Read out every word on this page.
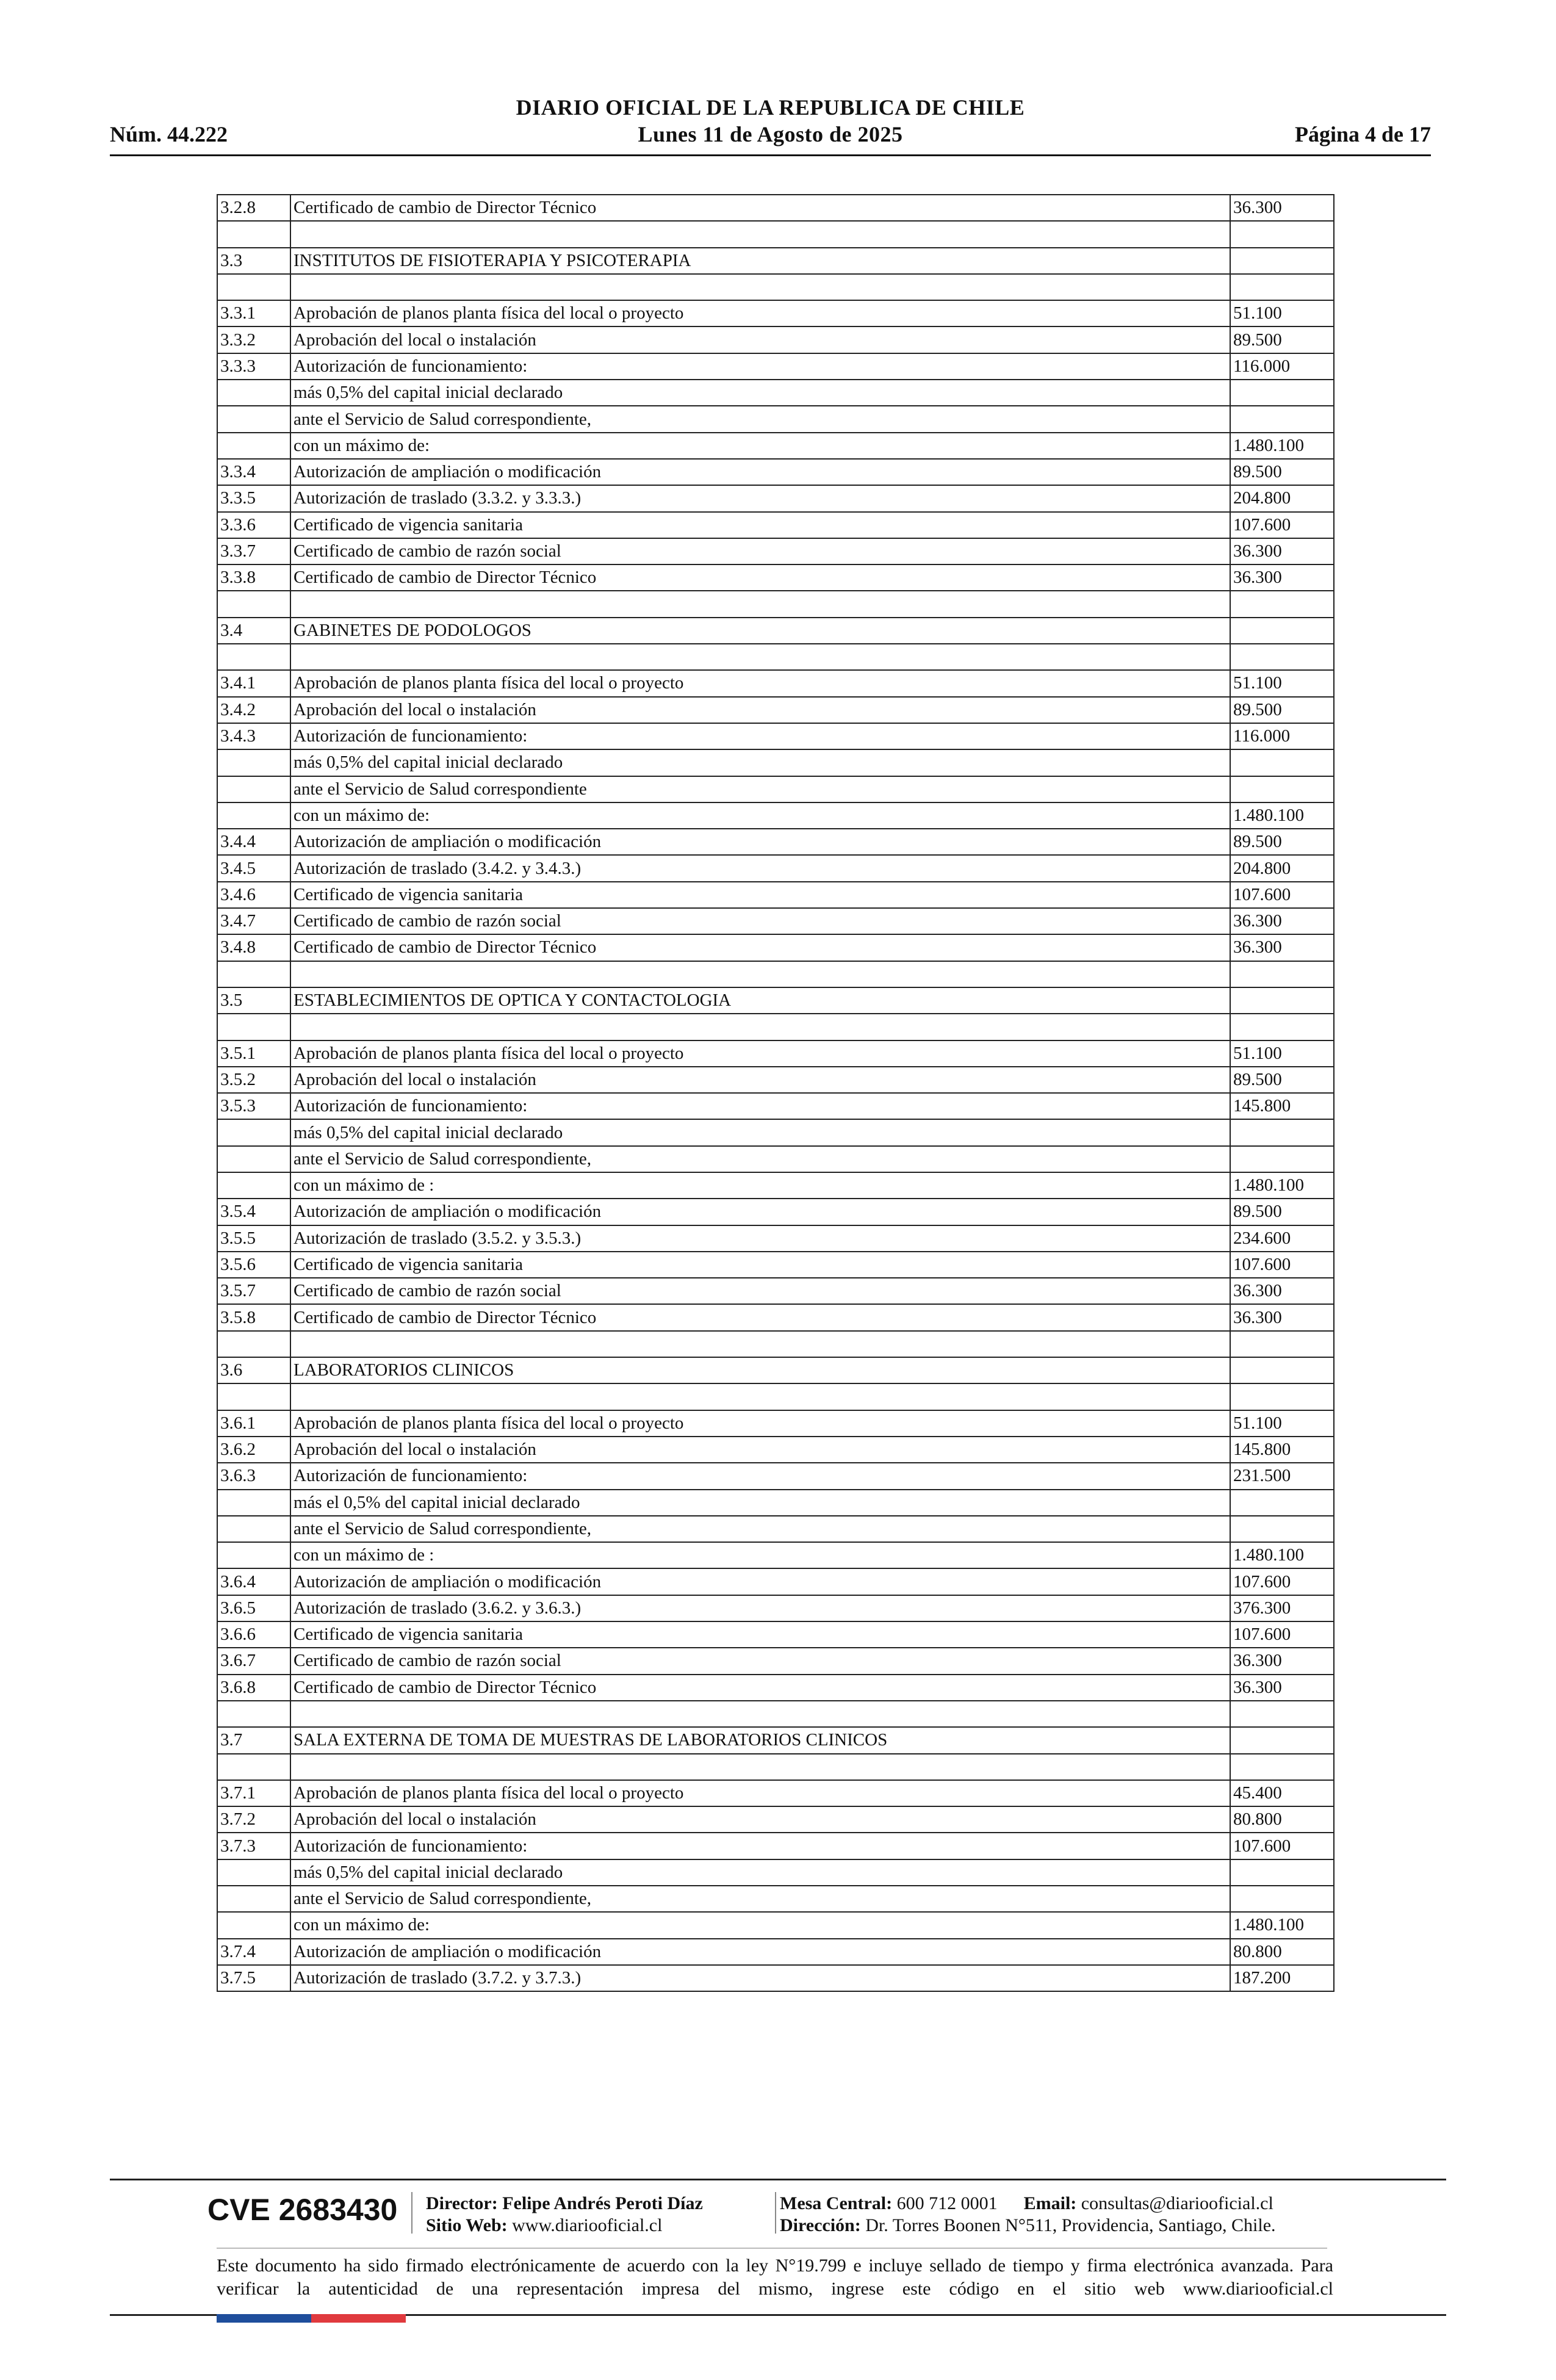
DIARIO OFICIAL DE LA REPUBLICA DE CHILE
Lunes 11 de Agosto de 2025
Núm. 44.222	Página 4 de 17
3.2.8	Certificado de cambio de Director Técnico	36.300

3.3	INSTITUTOS DE FISIOTERAPIA Y PSICOTERAPIA	

3.3.1	Aprobación de planos planta física del local o proyecto	51.100
3.3.2	Aprobación del local o instalación	89.500
3.3.3	Autorización de funcionamiento:	116.000
	más 0,5% del capital inicial declarado	
	ante el Servicio de Salud correspondiente,	
	con un máximo de:	1.480.100
3.3.4	Autorización de ampliación o modificación	89.500
3.3.5	Autorización de traslado (3.3.2. y 3.3.3.)	204.800
3.3.6	Certificado de vigencia sanitaria	107.600
3.3.7	Certificado de cambio de razón social	36.300
3.3.8	Certificado de cambio de Director Técnico	36.300

3.4	GABINETES DE PODOLOGOS	

3.4.1	Aprobación de planos planta física del local o proyecto	51.100
3.4.2	Aprobación del local o instalación	89.500
3.4.3	Autorización de funcionamiento:	116.000
	más 0,5% del capital inicial declarado	
	ante el Servicio de Salud correspondiente	
	con un máximo de:	1.480.100
3.4.4	Autorización de ampliación o modificación	89.500
3.4.5	Autorización de traslado (3.4.2. y 3.4.3.)	204.800
3.4.6	Certificado de vigencia sanitaria	107.600
3.4.7	Certificado de cambio de razón social	36.300
3.4.8	Certificado de cambio de Director Técnico	36.300

3.5	ESTABLECIMIENTOS DE OPTICA Y CONTACTOLOGIA	

3.5.1	Aprobación de planos planta física del local o proyecto	51.100
3.5.2	Aprobación del local o instalación	89.500
3.5.3	Autorización de funcionamiento:	145.800
	más 0,5% del capital inicial declarado	
	ante el Servicio de Salud correspondiente,	
	con un máximo de :	1.480.100
3.5.4	Autorización de ampliación o modificación	89.500
3.5.5	Autorización de traslado (3.5.2. y 3.5.3.)	234.600
3.5.6	Certificado de vigencia sanitaria	107.600
3.5.7	Certificado de cambio de razón social	36.300
3.5.8	Certificado de cambio de Director Técnico	36.300

3.6	LABORATORIOS CLINICOS	

3.6.1	Aprobación de planos planta física del local o proyecto	51.100
3.6.2	Aprobación del local o instalación	145.800
3.6.3	Autorización de funcionamiento:	231.500
	más el 0,5% del capital inicial declarado	
	ante el Servicio de Salud correspondiente,	
	con un máximo de :	1.480.100
3.6.4	Autorización de ampliación o modificación	107.600
3.6.5	Autorización de traslado (3.6.2. y 3.6.3.)	376.300
3.6.6	Certificado de vigencia sanitaria	107.600
3.6.7	Certificado de cambio de razón social	36.300
3.6.8	Certificado de cambio de Director Técnico	36.300

3.7	SALA EXTERNA DE TOMA DE MUESTRAS DE LABORATORIOS CLINICOS	

3.7.1	Aprobación de planos planta física del local o proyecto	45.400
3.7.2	Aprobación del local o instalación	80.800
3.7.3	Autorización de funcionamiento:	107.600
	más 0,5% del capital inicial declarado	
	ante el Servicio de Salud correspondiente,	
	con un máximo de:	1.480.100
3.7.4	Autorización de ampliación o modificación	80.800
3.7.5	Autorización de traslado (3.7.2. y 3.7.3.)	187.200
CVE 2683430 Director: Felipe Andrés Peroti Díaz
Sitio Web: www.diariooficial.cl
Mesa Central: 600 712 0001 Email: consultas@diariooficial.cl
Dirección: Dr. Torres Boonen N°511, Providencia, Santiago, Chile.
Este documento ha sido firmado electrónicamente de acuerdo con la ley N°19.799 e incluye sellado de tiempo y firma electrónica avanzada. Para verificar la autenticidad de una representación impresa del mismo, ingrese este código en el sitio web www.diariooficial.cl
